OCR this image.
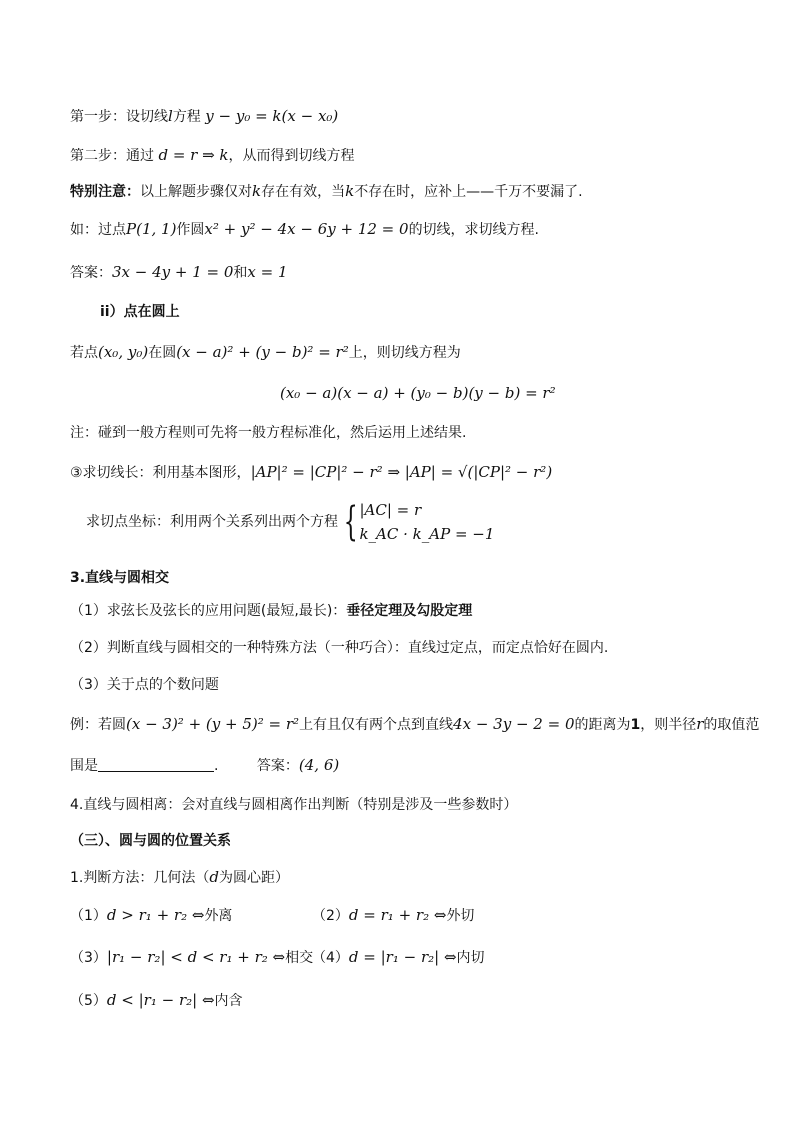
第一步：设切线l方程 y − y₀ = k(x − x₀)
第二步：通过 d = r ⇒ k，从而得到切线方程
特别注意：以上解题步骤仅对k存在有效，当k不存在时，应补上——千万不要漏了.
如：过点P(1, 1)作圆x² + y² − 4x − 6y + 12 = 0的切线，求切线方程.
答案：3x − 4y + 1 = 0和x = 1
ii）点在圆上
若点(x₀, y₀)在圆(x − a)² + (y − b)² = r²上，则切线方程为
(x₀ − a)(x − a) + (y₀ − b)(y − b) = r²
注：碰到一般方程则可先将一般方程标准化，然后运用上述结果.
③求切线长：利用基本图形，|AP|² = |CP|² − r² ⇒ |AP| = √(|CP|² − r²)
求切点坐标：利用两个关系列出两个方程 { |AC| = r
k_AC · k_AP = −1
3.直线与圆相交
（1）求弦长及弦长的应用问题(最短,最长)：垂径定理及勾股定理
（2）判断直线与圆相交的一种特殊方法（一种巧合）：直线过定点，而定点恰好在圆内.
（3）关于点的个数问题
例：若圆(x − 3)² + (y + 5)² = r²上有且仅有两个点到直线4x − 3y − 2 = 0的距离为1，则半径r的取值范
围是	.	答案：(4, 6)
4.直线与圆相离：会对直线与圆相离作出判断（特别是涉及一些参数时）
（三）、圆与圆的位置关系
1.判断方法：几何法（d为圆心距）
（1）d > r₁ + r₂ ⇔外离	（2）d = r₁ + r₂ ⇔外切
（3）|r₁ − r₂| < d < r₁ + r₂ ⇔相交
（4）d = |r₁ − r₂| ⇔内切
（5）d < |r₁ − r₂| ⇔内含
